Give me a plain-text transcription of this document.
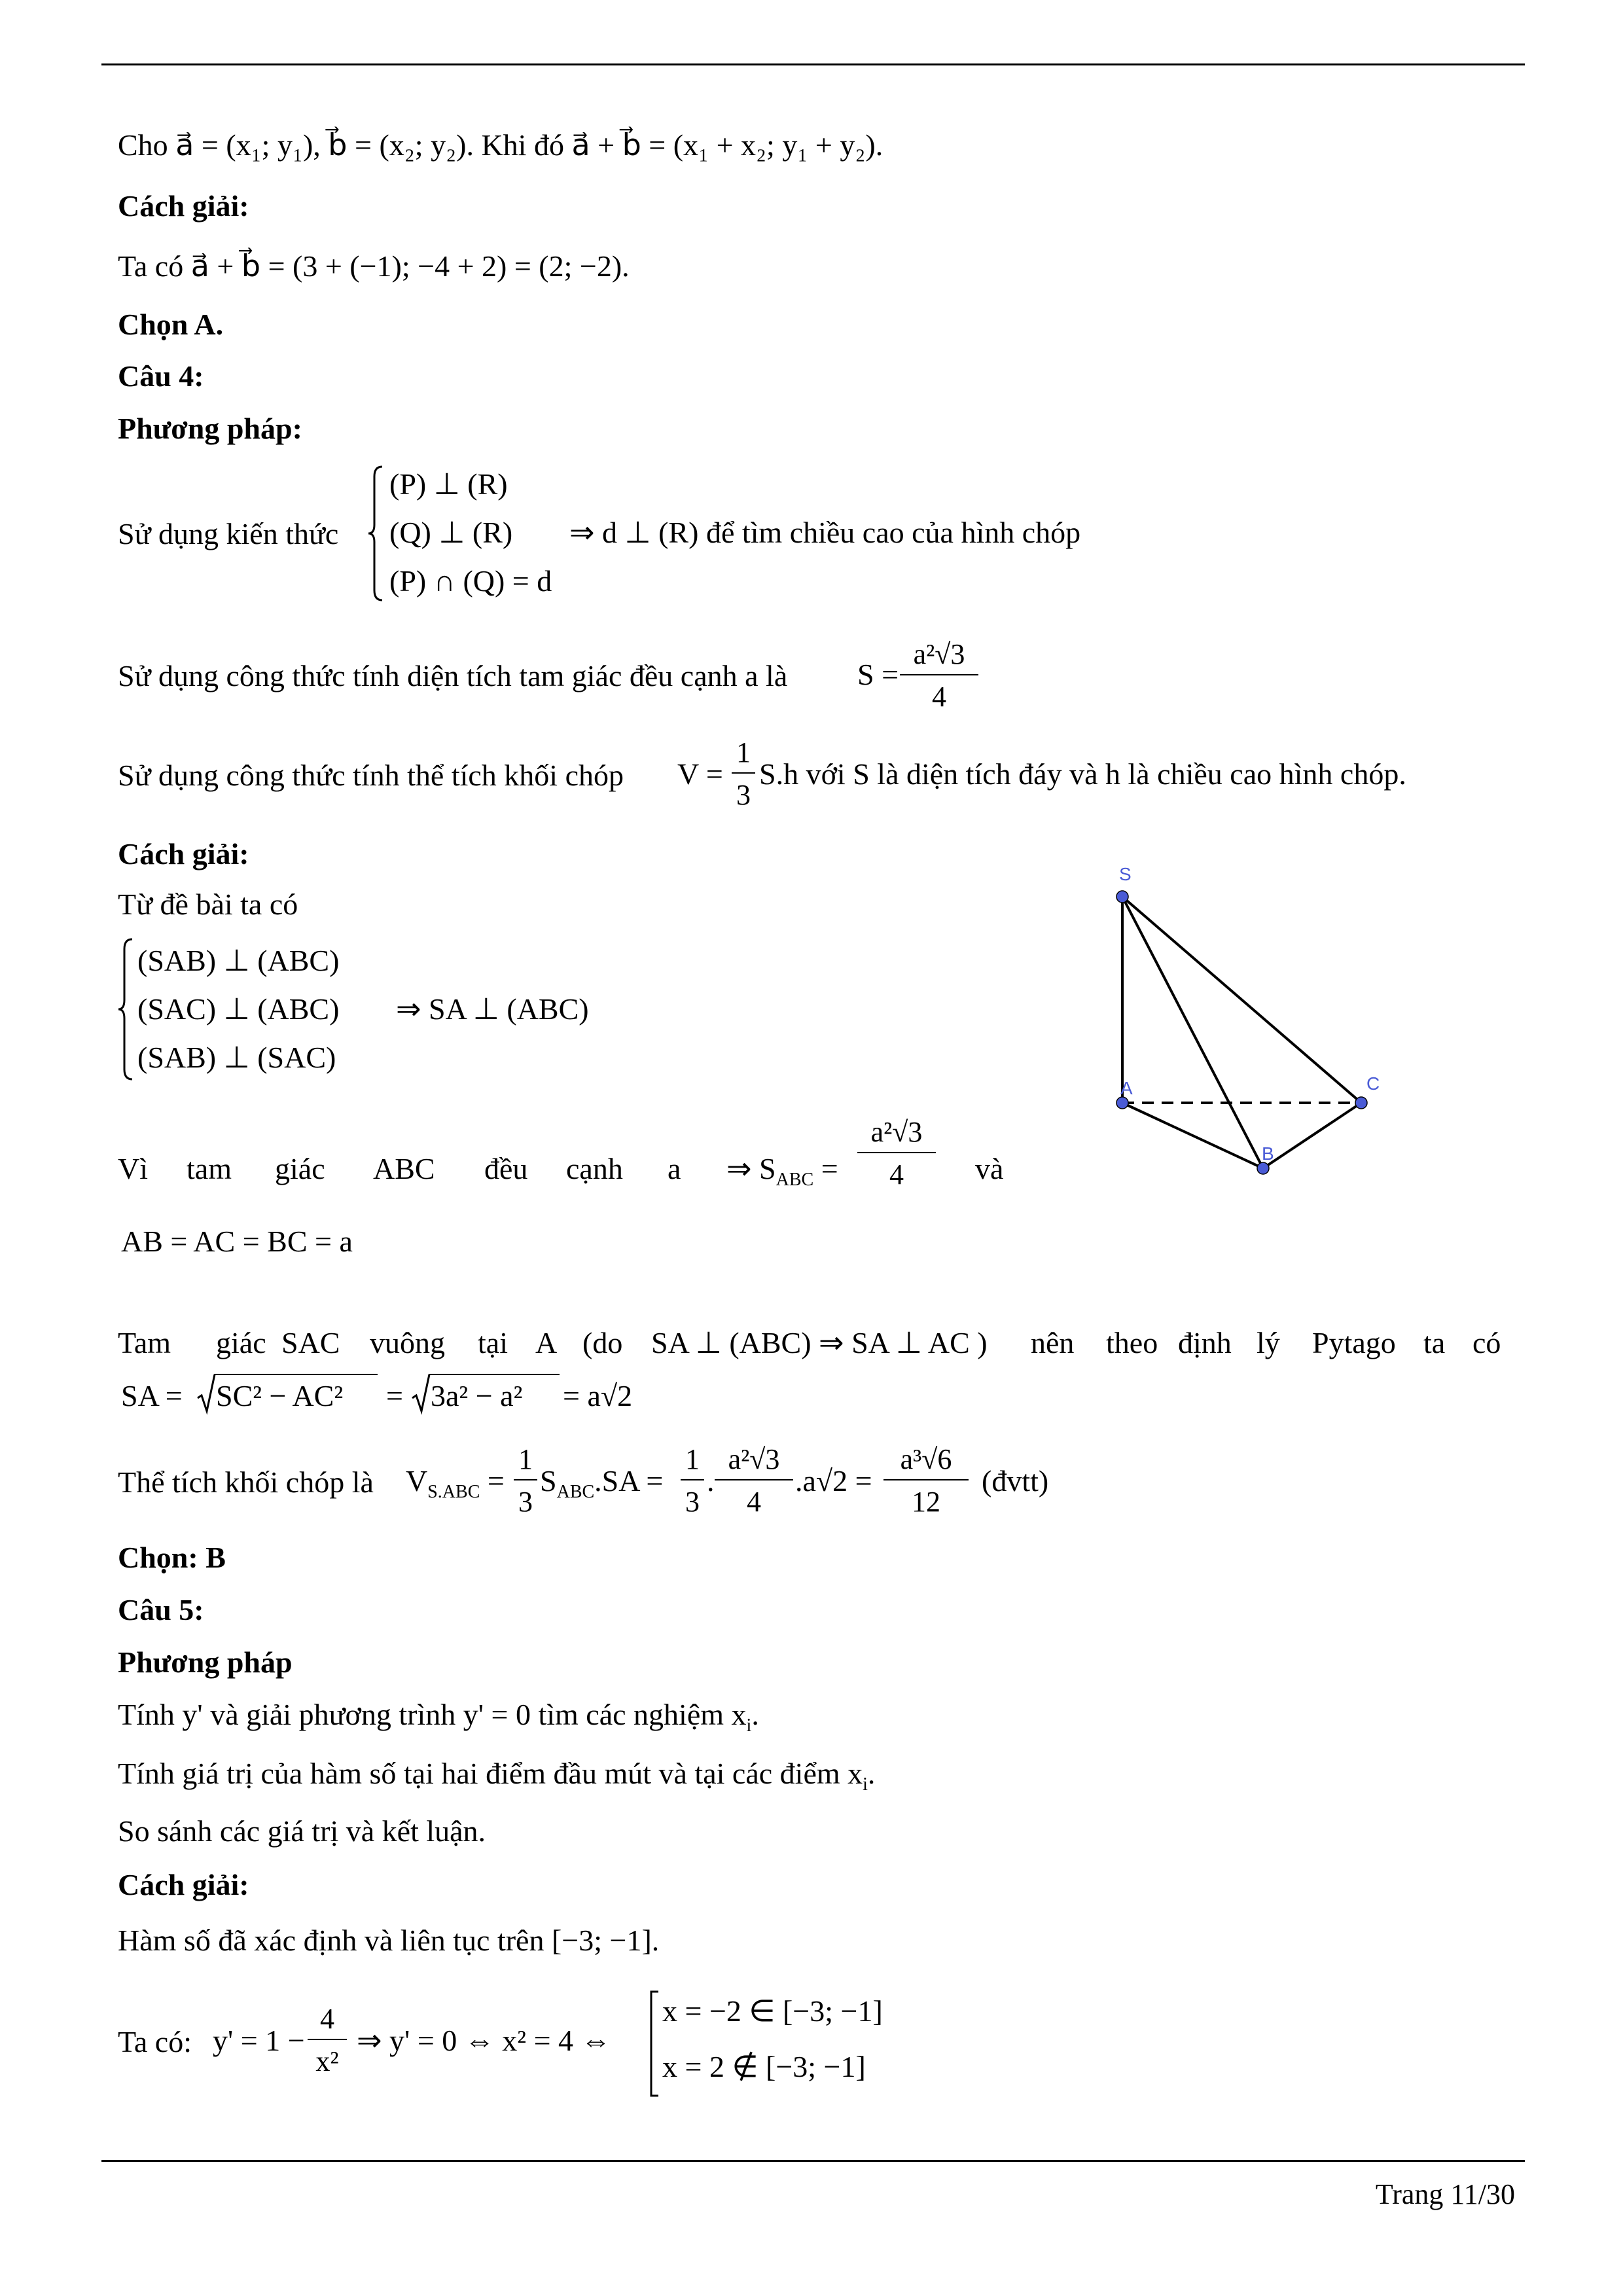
Cho a⃗ = (x₁; y₁), b⃗ = (x₂; y₂). Khi đó a⃗ + b⃗ = (x₁ + x₂; y₁ + y₂).
Cách giải:
Ta có a⃗ + b⃗ = (3 + (−1); −4 + 2) = (2; −2).
Chọn A.
Câu 4:
Phương pháp:
Sử dụng kiến thức
(P) ⊥ (R)
(Q) ⊥ (R)
(P) ∩ (Q) = d
⇒ d ⊥ (R) để tìm chiều cao của hình chóp
Sử dụng công thức tính diện tích tam giác đều cạnh a là S =
a²√3
4
Sử dụng công thức tính thể tích khối chóp V =
1
3
S.h với S là diện tích đáy và h là chiều cao hình chóp.
Cách giải:
Từ đề bài ta có
(SAB) ⊥ (ABC)
(SAC) ⊥ (ABC)
(SAB) ⊥ (SAC)
⇒ SA ⊥ (ABC)
Vì tam giác ABC đều cạnh a ⇒ $S_{ABC}$ =
a²√3
4	và
AB = AC = BC = a
Tam giác SAC vuông tại A (do SA ⊥ (ABC) ⇒ SA ⊥ AC ) nên theo định lý Pytago ta có
SA = SC² − AC² = 3a² − a² = a√2
Thể tích khối chóp là $V_{S.ABC}$ =
1
3
$S_{ABC}.SA$ =
1
3
.
a²√3
4
.a√2 =
a³√6
12
(đvtt)
Chọn: B
S
A
B
C
Câu 5:
Phương pháp
Tính y' và giải phương trình y' = 0 tìm các nghiệm $x_i$.
Tính giá trị của hàm số tại hai điểm đầu mút và tại các điểm $x_i$.
So sánh các giá trị và kết luận.
Cách giải:
Hàm số đã xác định và liên tục trên [−3; −1].
Ta có: y' = 1 −
4
x²
⇒ y' = 0 ⇔ x² = 4 ⇔
x = −2 ∈ [−3; −1]
x = 2 ∉ [−3; −1]
Trang 11/30
